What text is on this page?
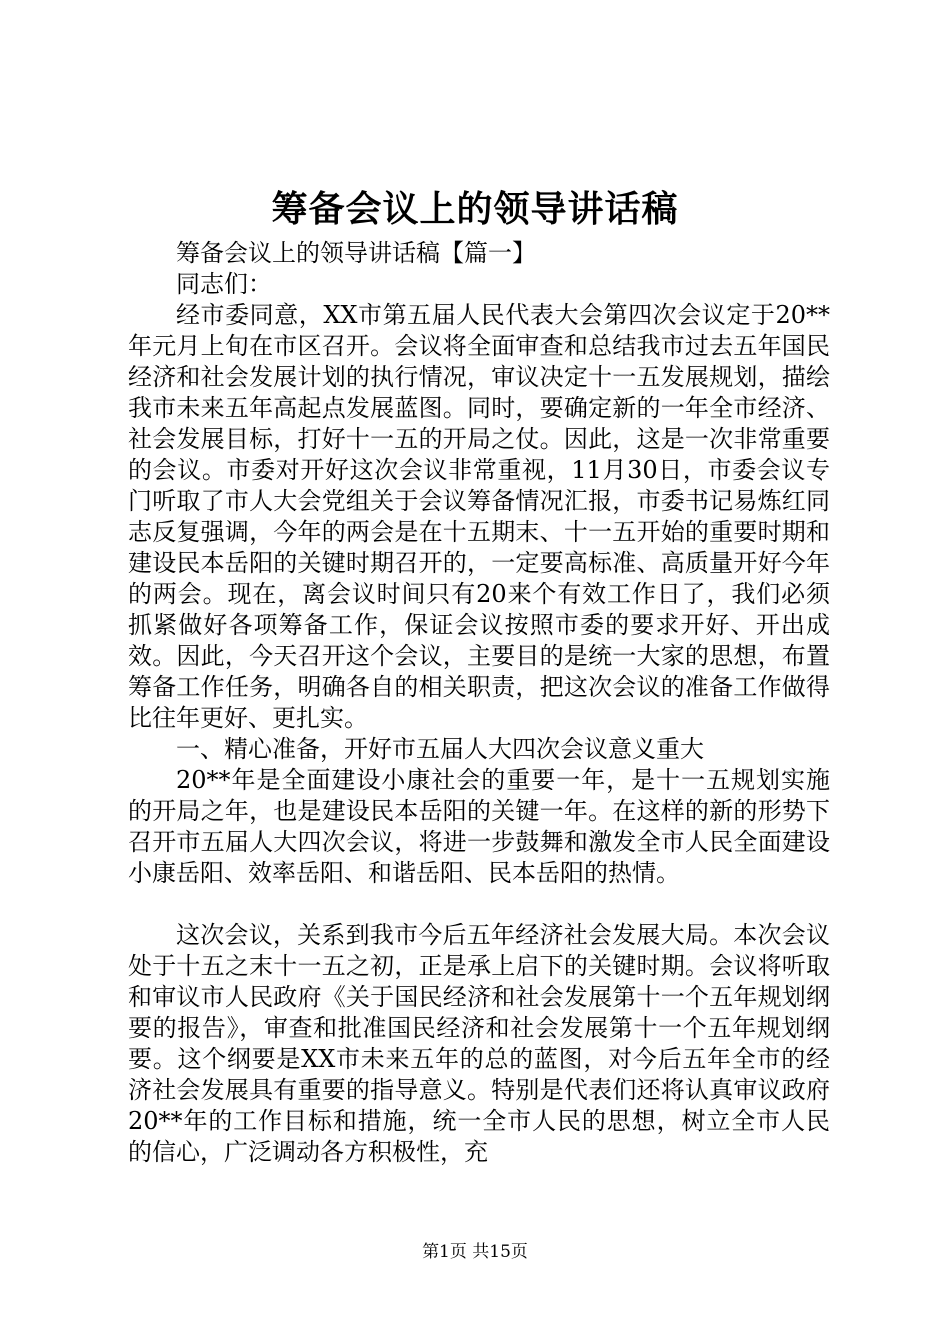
筹备会议上的领导讲话稿

筹备会议上的领导讲话稿【篇一】

同志们：

经市委同意，XX市第五届人民代表大会第四次会议定于20**年元月上旬在市区召开。会议将全面审查和总结我市过去五年国民经济和社会发展计划的执行情况，审议决定十一五发展规划，描绘我市未来五年高起点发展蓝图。同时，要确定新的一年全市经济、社会发展目标，打好十一五的开局之仗。因此，这是一次非常重要的会议。市委对开好这次会议非常重视，11月30日，市委会议专门听取了市人大会党组关于会议筹备情况汇报，市委书记易炼红同志反复强调，今年的两会是在十五期末、十一五开始的重要时期和建设民本岳阳的关键时期召开的，一定要高标准、高质量开好今年的两会。现在，离会议时间只有20来个有效工作日了，我们必须抓紧做好各项筹备工作，保证会议按照市委的要求开好、开出成效。因此，今天召开这个会议，主要目的是统一大家的思想，布置筹备工作任务，明确各自的相关职责，把这次会议的准备工作做得比往年更好、更扎实。

一、精心准备，开好市五届人大四次会议意义重大

20**年是全面建设小康社会的重要一年，是十一五规划实施的开局之年，也是建设民本岳阳的关键一年。在这样的新的形势下召开市五届人大四次会议，将进一步鼓舞和激发全市人民全面建设小康岳阳、效率岳阳、和谐岳阳、民本岳阳的热情。

这次会议，关系到我市今后五年经济社会发展大局。本次会议处于十五之末十一五之初，正是承上启下的关键时期。会议将听取和审议市人民政府《关于国民经济和社会发展第十一个五年规划纲要的报告》，审查和批准国民经济和社会发展第十一个五年规划纲要。这个纲要是XX市未来五年的总的蓝图，对今后五年全市的经济社会发展具有重要的指导意义。特别是代表们还将认真审议政府20**年的工作目标和措施，统一全市人民的思想，树立全市人民的信心，广泛调动各方积极性，充

第1页 共15页
